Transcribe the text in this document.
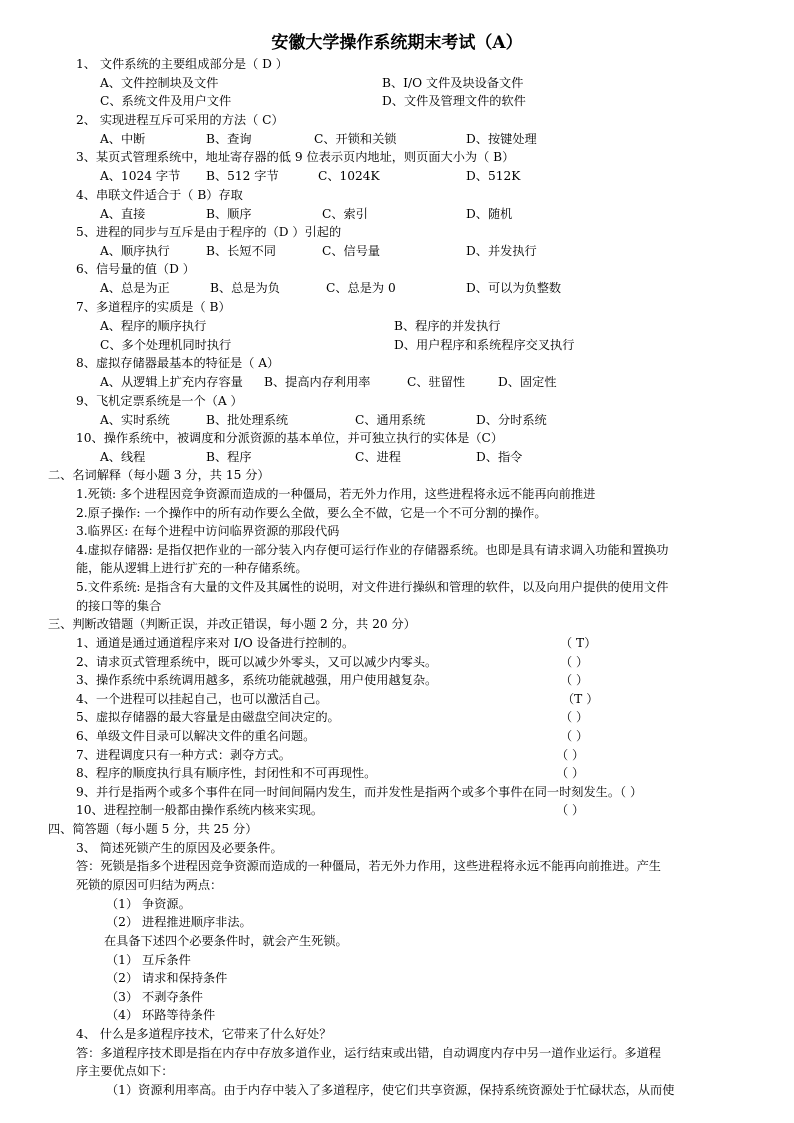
安徽大学操作系统期末考试（A）
1、 文件系统的主要组成部分是（ D ）
A、文件控制块及文件	B、I/O 文件及块设备文件
C、系统文件及用户文件	D、文件及管理文件的软件
2、 实现进程互斥可采用的方法（ C）
A、中断	B、查询	C、开锁和关锁	D、按键处理
3、某页式管理系统中，地址寄存器的低 9 位表示页内地址，则页面大小为（ B）
A、1024 字节 B、512 字节	C、1024K	D、512K
4、串联文件适合于（ B）存取
A、直接	B、顺序	C、索引	D、随机
5、进程的同步与互斥是由于程序的（D ）引起的
A、顺序执行	B、长短不同	C、信号量	D、并发执行
6、信号量的值（D ）
A、总是为正	B、总是为负	C、总是为 0	D、可以为负整数
7、多道程序的实质是（ B）
A、程序的顺序执行	B、程序的并发执行
C、多个处理机同时执行	D、用户程序和系统程序交叉执行
8、虚拟存储器最基本的特征是（ A）
A、从逻辑上扩充内存容量 B、提高内存利用率	C、驻留性	D、固定性
9、飞机定票系统是一个（A ）
A、实时系统	B、批处理系统	C、通用系统	D、分时系统
10、操作系统中，被调度和分派资源的基本单位，并可独立执行的实体是（C）
A、线程	B、程序	C、进程	D、指令
二、名词解释（每小题 3 分，共 15 分）
1.死锁: 多个进程因竞争资源而造成的一种僵局，若无外力作用，这些进程将永远不能再向前推进
2.原子操作: 一个操作中的所有动作要么全做，要么全不做，它是一个不可分割的操作。
3.临界区: 在每个进程中访问临界资源的那段代码
4.虚拟存储器: 是指仅把作业的一部分装入内存便可运行作业的存储器系统。也即是具有请求调入功能和置换功
能，能从逻辑上进行扩充的一种存储系统。
5.文件系统: 是指含有大量的文件及其属性的说明，对文件进行操纵和管理的软件，以及向用户提供的使用文件
的接口等的集合
三、判断改错题（判断正误，并改正错误，每小题 2 分，共 20 分）
1、通道是通过通道程序来对 I/O 设备进行控制的。	（ T）
2、请求页式管理系统中，既可以减少外零头，又可以减少内零头。	（ ）
3、操作系统中系统调用越多，系统功能就越强，用户使用越复杂。	（ ）
4、一个进程可以挂起自己，也可以激活自己。	（T ）
5、虚拟存储器的最大容量是由磁盘空间决定的。	（ ）
6、单级文件目录可以解决文件的重名问题。	（ ）
7、进程调度只有一种方式：剥夺方式。	（ ）
8、程序的顺度执行具有顺序性，封闭性和不可再现性。	（ ）
9、并行是指两个或多个事件在同一时间间隔内发生，而并发性是指两个或多个事件在同一时刻发生。（ ）
10、进程控制一般都由操作系统内核来实现。	（ ）
四、简答题（每小题 5 分，共 25 分）
3、 简述死锁产生的原因及必要条件。
答：死锁是指多个进程因竞争资源而造成的一种僵局，若无外力作用，这些进程将永远不能再向前推进。产生
死锁的原因可归结为两点：
（1） 争资源。
（2） 进程推进顺序非法。
在具备下述四个必要条件时，就会产生死锁。
（1） 互斥条件
（2） 请求和保持条件
（3） 不剥夺条件
（4） 环路等待条件
4、 什么是多道程序技术，它带来了什么好处？
答：多道程序技术即是指在内存中存放多道作业，运行结束或出错，自动调度内存中另一道作业运行。多道程
序主要优点如下：
（1）资源利用率高。由于内存中装入了多道程序，使它们共享资源，保持系统资源处于忙碌状态，从而使
